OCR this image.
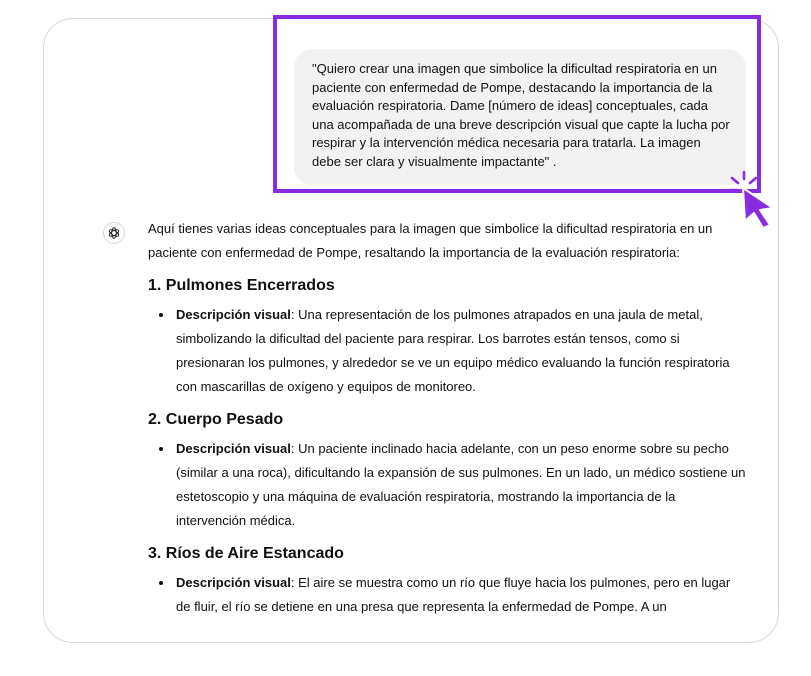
"Quiero crear una imagen que simbolice la dificultad respiratoria en un paciente con enfermedad de Pompe, destacando la importancia de la evaluación respiratoria. Dame [número de ideas] conceptuales, cada una acompañada de una breve descripción visual que capte la lucha por respirar y la intervención médica necesaria para tratarla. La imagen debe ser clara y visualmente impactante" .

Aquí tienes varias ideas conceptuales para la imagen que simbolice la dificultad respiratoria en un paciente con enfermedad de Pompe, resaltando la importancia de la evaluación respiratoria:

1. Pulmones Encerrados
• Descripción visual: Una representación de los pulmones atrapados en una jaula de metal, simbolizando la dificultad del paciente para respirar. Los barrotes están tensos, como si presionaran los pulmones, y alrededor se ve un equipo médico evaluando la función respiratoria con mascarillas de oxígeno y equipos de monitoreo.
2. Cuerpo Pesado
• Descripción visual: Un paciente inclinado hacia adelante, con un peso enorme sobre su pecho (similar a una roca), dificultando la expansión de sus pulmones. En un lado, un médico sostiene un estetoscopio y una máquina de evaluación respiratoria, mostrando la importancia de la intervención médica.
3. Ríos de Aire Estancado
• Descripción visual: El aire se muestra como un río que fluye hacia los pulmones, pero en lugar de fluir, el río se detiene en una presa que representa la enfermedad de Pompe. A un
